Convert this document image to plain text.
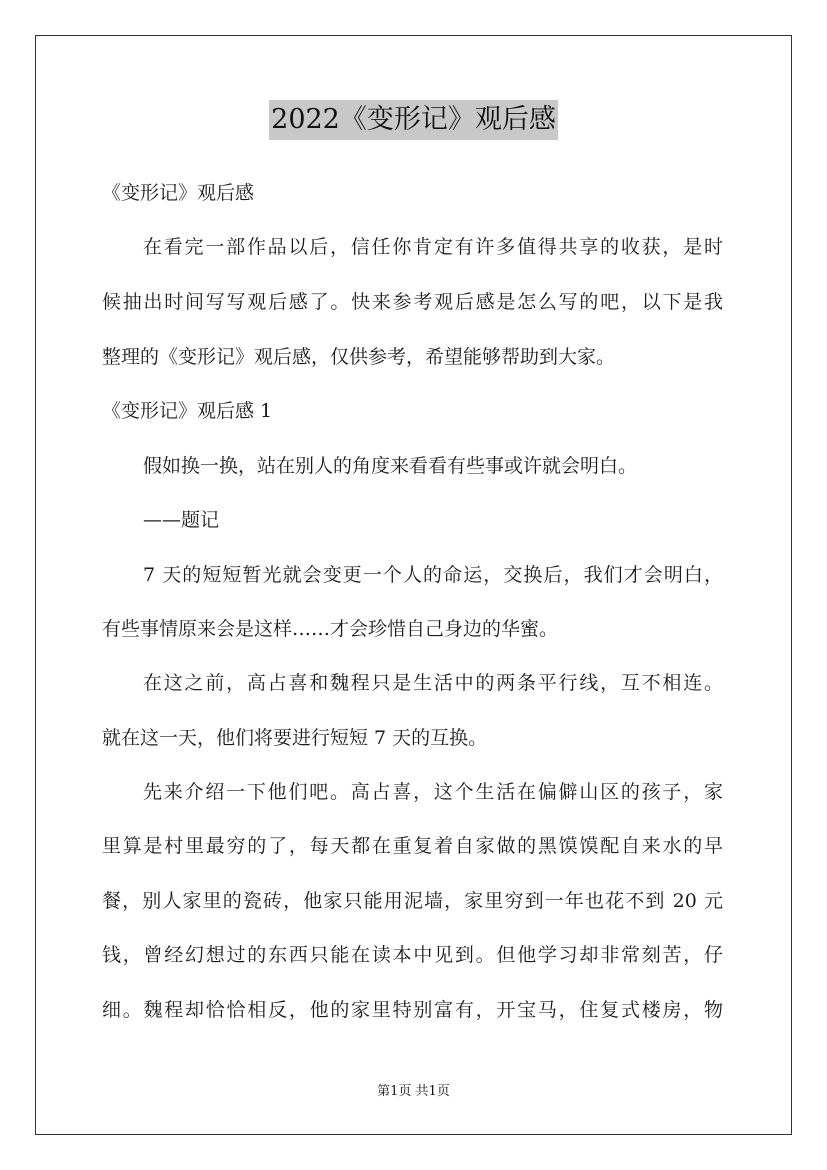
2022《变形记》观后感
《变形记》观后感
在看完一部作品以后，信任你肯定有许多值得共享的收获，是时
候抽出时间写写观后感了。快来参考观后感是怎么写的吧，以下是我
整理的《变形记》观后感，仅供参考，希望能够帮助到大家。
《变形记》观后感 1
假如换一换，站在别人的角度来看看有些事或许就会明白。
——题记
7 天的短短暂光就会变更一个人的命运，交换后，我们才会明白，
有些事情原来会是这样……才会珍惜自己身边的华蜜。
在这之前，高占喜和魏程只是生活中的两条平行线，互不相连。
就在这一天，他们将要进行短短 7 天的互换。
先来介绍一下他们吧。高占喜，这个生活在偏僻山区的孩子，家
里算是村里最穷的了，每天都在重复着自家做的黑馍馍配自来水的早
餐，别人家里的瓷砖，他家只能用泥墙，家里穷到一年也花不到 20 元
钱，曾经幻想过的东西只能在读本中见到。但他学习却非常刻苦，仔
细。魏程却恰恰相反，他的家里特别富有，开宝马，住复式楼房，物
第1页 共1页
